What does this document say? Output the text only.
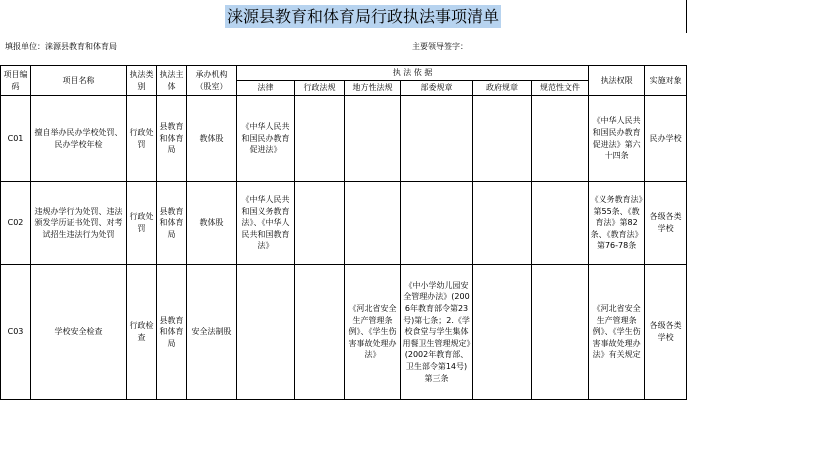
涞源县教育和体育局行政执法事项清单
填报单位：涞源县教育和体育局	主要领导签字：
项目编码	项目名称	执法类别	执法主体	承办机构（股室）	执 法 依 据						执法权限	实施对象
					法律	行政法规	地方性法规	部委规章	政府规章	规范性文件		
C01	擅自举办民办学校处罚、民办学校年检	行政处罚	县教育和体育局	教体股	《中华人民共和国民办教育促进法》						《中华人民共和国民办教育促进法》第六十四条	民办学校
C02	违规办学行为处罚、违法颁发学历证书处罚、对考试招生违法行为处罚	行政处罚	县教育和体育局	教体股	《中华人民共和国义务教育法》、《中华人民共和国教育法》						《义务教育法》第55条、《教育法》第82条、《教育法》第76-78条	各级各类学校
C03	学校安全检查	行政检查	县教育和体育局	安全法制股			《河北省安全生产管理条例》、《学生伤害事故处理办法》	《中小学幼儿园安全管理办法》(2006年教育部令第23号)第七条；2.《学校食堂与学生集体用餐卫生管理规定》(2002年教育部、卫生部令第14号)第三条			《河北省安全生产管理条例》、《学生伤害事故处理办法》有关规定	各级各类学校
